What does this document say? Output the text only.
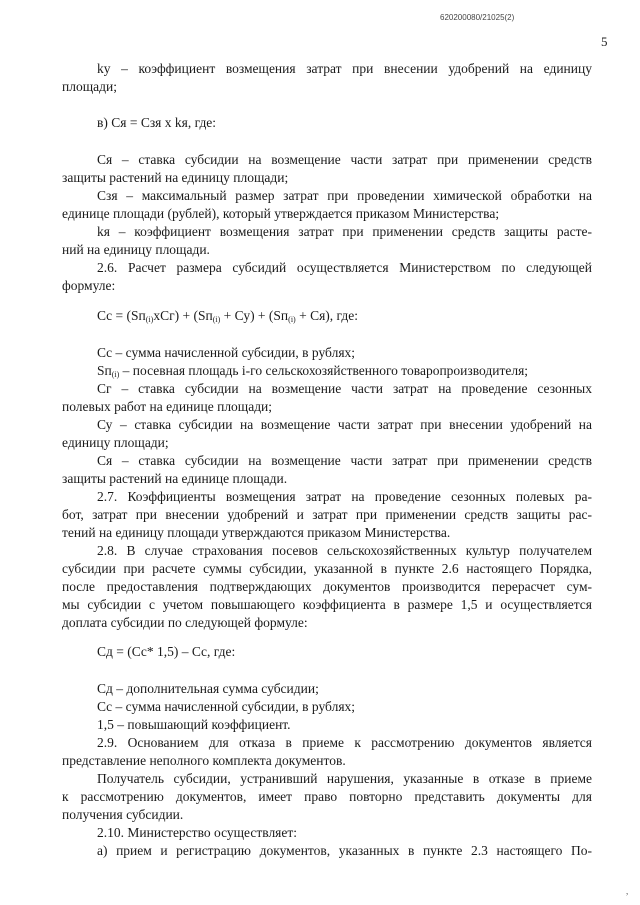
620200080/21025(2)
5
kу – коэффициент возмещения затрат при внесении удобрений на единицу
площади;
в) Ся = Сзя х kя, где:
Ся – ставка субсидии на возмещение части затрат при применении средств
защиты растений на единицу площади;
Сзя – максимальный размер затрат при проведении химической обработки на
единице площади (рублей), который утверждается приказом Министерства;
kя – коэффициент возмещения затрат при применении средств защиты расте-
ний на единицу площади.
2.6. Расчет размера субсидий осуществляется Министерством по следующей
формуле:
Сс = $(Sп_{(i)}хСг) + (Sп_{(i)} + Су) + (Sп_{(i)} + Ся)$, где:
Сс – сумма начисленной субсидии, в рублях;
$Sп_{(i)}$ – посевная площадь i-го сельскохозяйственного товаропроизводителя;
Сг – ставка субсидии на возмещение части затрат на проведение сезонных
полевых работ на единице площади;
Су – ставка субсидии на возмещение части затрат при внесении удобрений на
единицу площади;
Ся – ставка субсидии на возмещение части затрат при применении средств
защиты растений на единице площади.
2.7. Коэффициенты возмещения затрат на проведение сезонных полевых ра-
бот, затрат при внесении удобрений и затрат при применении средств защиты рас-
тений на единицу площади утверждаются приказом Министерства.
2.8. В случае страхования посевов сельскохозяйственных культур получателем
субсидии при расчете суммы субсидии, указанной в пункте 2.6 настоящего Порядка,
после предоставления подтверждающих документов производится перерасчет сум-
мы субсидии с учетом повышающего коэффициента в размере 1,5 и осуществляется
доплата субсидии по следующей формуле:
Сд = (Сс* 1,5) – Сс, где:
Сд – дополнительная сумма субсидии;
Сс – сумма начисленной субсидии, в рублях;
1,5 – повышающий коэффициент.
2.9. Основанием для отказа в приеме к рассмотрению документов является
представление неполного комплекта документов.
Получатель субсидии, устранивший нарушения, указанные в отказе в приеме
к рассмотрению документов, имеет право повторно представить документы для
получения субсидии.
2.10. Министерство осуществляет:
а) прием и регистрацию документов, указанных в пункте 2.3 настоящего По-
,
